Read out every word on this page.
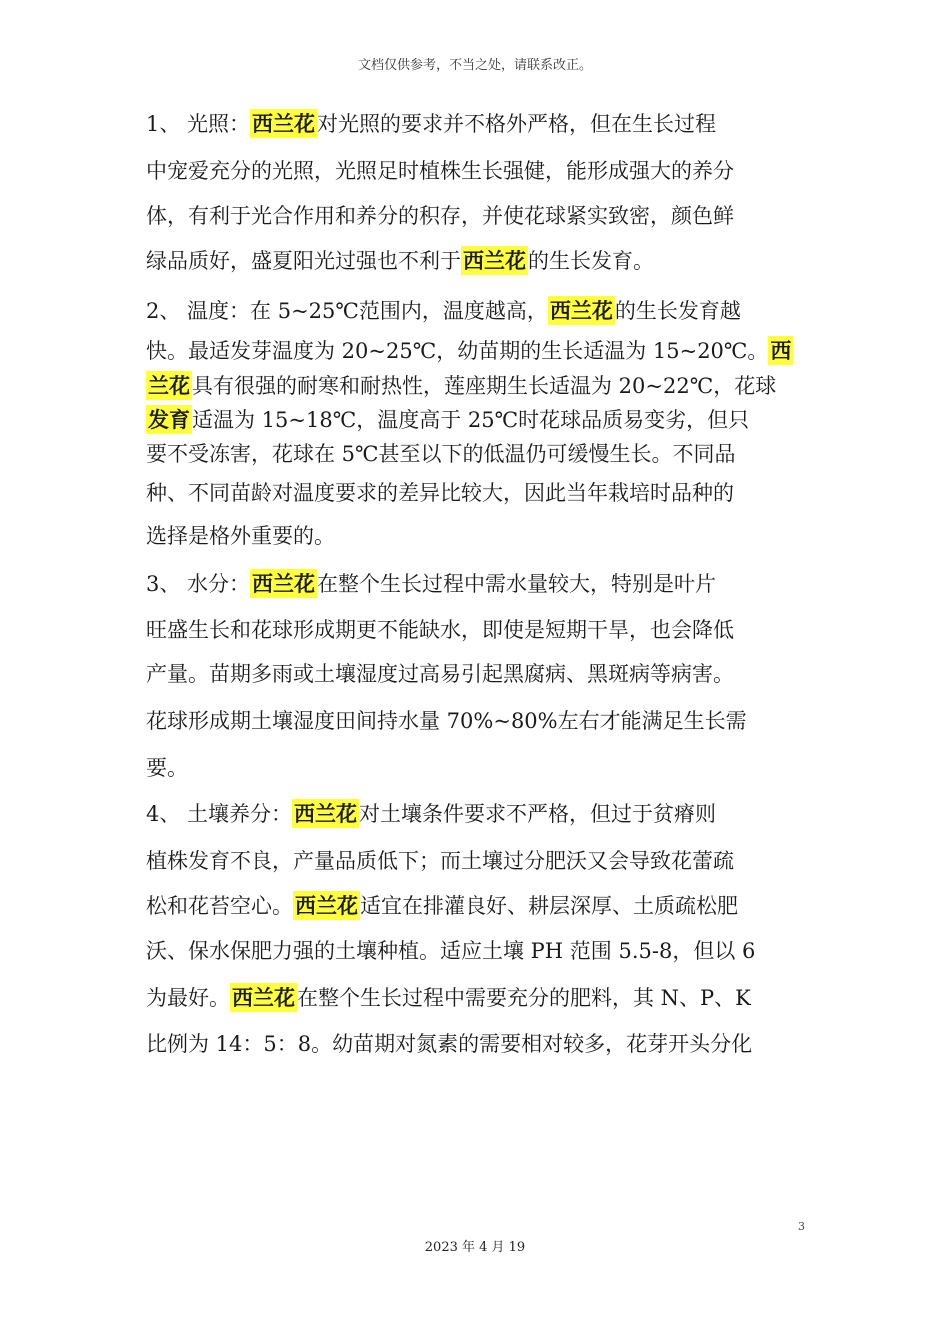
文档仅供参考，不当之处，请联系改正。
1、 光照：西兰花对光照的要求并不格外严格，但在生长过程
中宠爱充分的光照，光照足时植株生长强健，能形成强大的养分
体，有利于光合作用和养分的积存，并使花球紧实致密，颜色鲜
绿品质好，盛夏阳光过强也不利于西兰花的生长发育。
2、 温度：在 5~25℃范围内，温度越高，西兰花的生长发育越
快。最适发芽温度为 20~25℃，幼苗期的生长适温为 15~20℃。西
兰花具有很强的耐寒和耐热性，莲座期生长适温为 20~22℃，花球
发育适温为 15~18℃，温度高于 25℃时花球品质易变劣，但只
要不受冻害，花球在 5℃甚至以下的低温仍可缓慢生长。不同品
种、不同苗龄对温度要求的差异比较大，因此当年栽培时品种的
选择是格外重要的。
3、 水分：西兰花在整个生长过程中需水量较大，特别是叶片
旺盛生长和花球形成期更不能缺水，即使是短期干旱，也会降低
产量。苗期多雨或土壤湿度过高易引起黑腐病、黑斑病等病害。
花球形成期土壤湿度田间持水量 70%~80%左右才能满足生长需
要。
4、 土壤养分：西兰花对土壤条件要求不严格，但过于贫瘠则
植株发育不良，产量品质低下；而土壤过分肥沃又会导致花蕾疏
松和花苔空心。西兰花适宜在排灌良好、耕层深厚、土质疏松肥
沃、保水保肥力强的土壤种植。适应土壤 PH 范围 5.5-8，但以 6
为最好。西兰花在整个生长过程中需要充分的肥料，其 N、P、K
比例为 14：5：8。幼苗期对氮素的需要相对较多，花芽开头分化
3
2023 年 4 月 19
